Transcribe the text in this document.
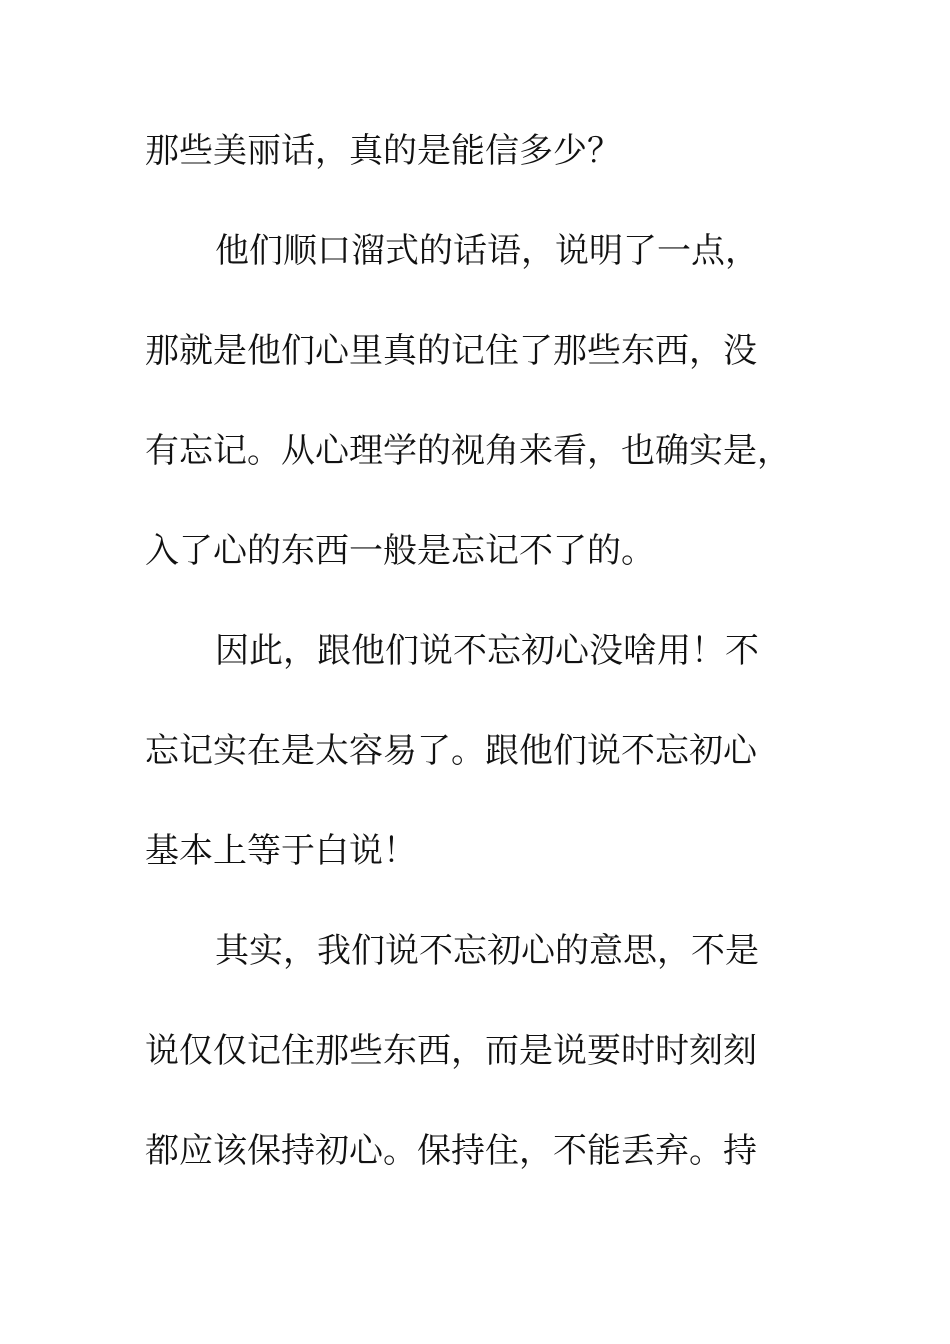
那些美丽话，真的是能信多少？

他们顺口溜式的话语，说明了一点，

那就是他们心里真的记住了那些东西，没

有忘记。从心理学的视角来看，也确实是，

入了心的东西一般是忘记不了的。

因此，跟他们说不忘初心没啥用！不

忘记实在是太容易了。跟他们说不忘初心

基本上等于白说！

其实，我们说不忘初心的意思，不是

说仅仅记住那些东西，而是说要时时刻刻

都应该保持初心。保持住，不能丢弃。持
